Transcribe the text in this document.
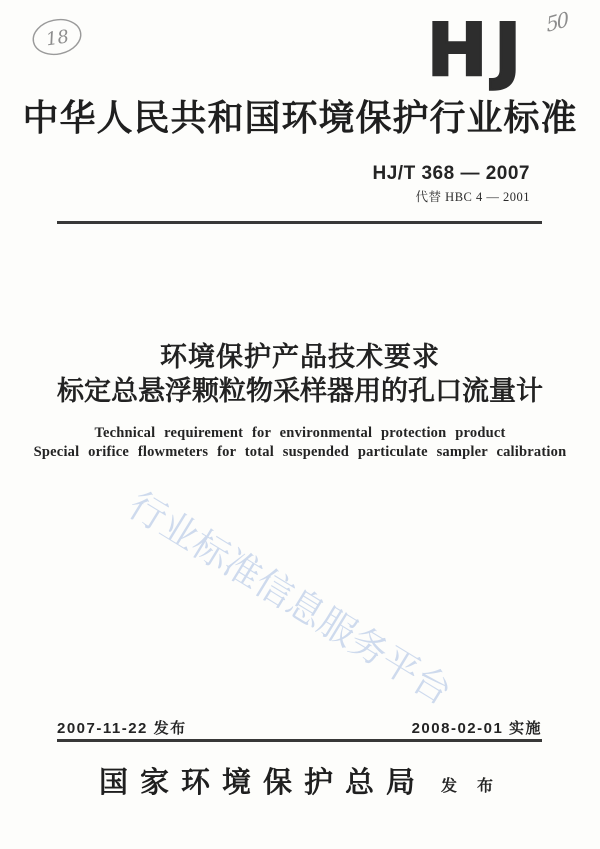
18
50
HJ
中华人民共和国环境保护行业标准
HJ/T 368 — 2007
代替 HBC 4 — 2001
环境保护产品技术要求
标定总悬浮颗粒物采样器用的孔口流量计
Technical requirement for environmental protection product
Special orifice flowmeters for total suspended particulate sampler calibration
行业标准信息服务平台
2007-11-22 发布	2008-02-01 实施
国家环境保护总局 发 布
